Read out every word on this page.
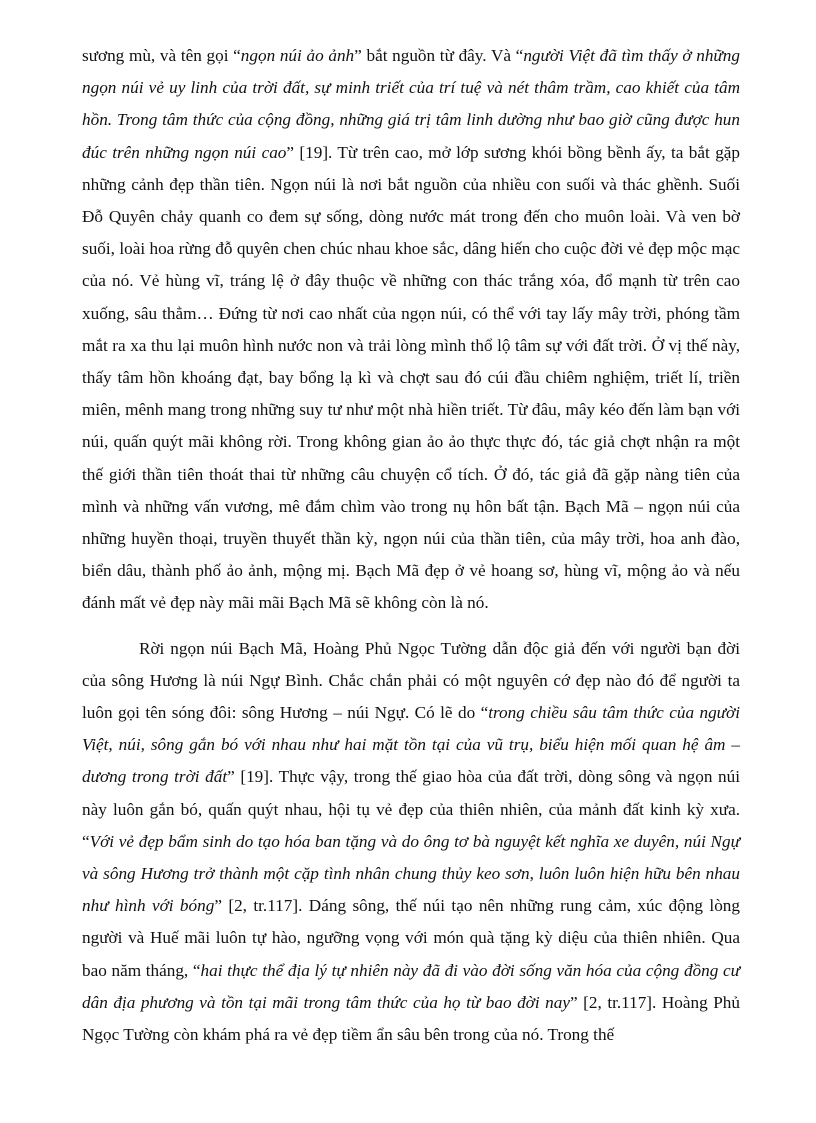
sương mù, và tên gọi “ngọn núi ảo ảnh” bắt nguồn từ đây. Và “người Việt đã tìm thấy ở những ngọn núi vẻ uy linh của trời đất, sự minh triết của trí tuệ và nét thâm trầm, cao khiết của tâm hồn. Trong tâm thức của cộng đồng, những giá trị tâm linh dường như bao giờ cũng được hun đúc trên những ngọn núi cao” [19]. Từ trên cao, mở lớp sương khói bồng bềnh ấy, ta bắt gặp những cảnh đẹp thần tiên. Ngọn núi là nơi bắt nguồn của nhiều con suối và thác ghềnh. Suối Đỗ Quyên chảy quanh co đem sự sống, dòng nước mát trong đến cho muôn loài. Và ven bờ suối, loài hoa rừng đỗ quyên chen chúc nhau khoe sắc, dâng hiến cho cuộc đời vẻ đẹp mộc mạc của nó. Vẻ hùng vĩ, tráng lệ ở đây thuộc về những con thác trắng xóa, đổ mạnh từ trên cao xuống, sâu thẳm… Đứng từ nơi cao nhất của ngọn núi, có thể với tay lấy mây trời, phóng tầm mắt ra xa thu lại muôn hình nước non và trải lòng mình thổ lộ tâm sự với đất trời. Ở vị thế này, thấy tâm hồn khoáng đạt, bay bổng lạ kì và chợt sau đó cúi đầu chiêm nghiệm, triết lí, triền miên, mênh mang trong những suy tư như một nhà hiền triết. Từ đâu, mây kéo đến làm bạn với núi, quấn quýt mãi không rời. Trong không gian ảo ảo thực thực đó, tác giả chợt nhận ra một thế giới thần tiên thoát thai từ những câu chuyện cổ tích. Ở đó, tác giả đã gặp nàng tiên của mình và những vấn vương, mê đắm chìm vào trong nụ hôn bất tận. Bạch Mã – ngọn núi của những huyền thoại, truyền thuyết thần kỳ, ngọn núi của thần tiên, của mây trời, hoa anh đào, biển dâu, thành phố ảo ảnh, mộng mị. Bạch Mã đẹp ở vẻ hoang sơ, hùng vĩ, mộng ảo và nếu đánh mất vẻ đẹp này mãi mãi Bạch Mã sẽ không còn là nó.

Rời ngọn núi Bạch Mã, Hoàng Phủ Ngọc Tường dẫn độc giả đến với người bạn đời của sông Hương là núi Ngự Bình. Chắc chắn phải có một nguyên cớ đẹp nào đó để người ta luôn gọi tên sóng đôi: sông Hương – núi Ngự. Có lẽ do “trong chiều sâu tâm thức của người Việt, núi, sông gắn bó với nhau như hai mặt tồn tại của vũ trụ, biểu hiện mối quan hệ âm – dương trong trời đất” [19]. Thực vậy, trong thế giao hòa của đất trời, dòng sông và ngọn núi này luôn gắn bó, quấn quýt nhau, hội tụ vẻ đẹp của thiên nhiên, của mảnh đất kinh kỳ xưa. “Với vẻ đẹp bẩm sinh do tạo hóa ban tặng và do ông tơ bà nguyệt kết nghĩa xe duyên, núi Ngự và sông Hương trở thành một cặp tình nhân chung thủy keo sơn, luôn luôn hiện hữu bên nhau như hình với bóng” [2, tr.117]. Dáng sông, thế núi tạo nên những rung cảm, xúc động lòng người và Huế mãi luôn tự hào, ngưỡng vọng với món quà tặng kỳ diệu của thiên nhiên. Qua bao năm tháng, “hai thực thể địa lý tự nhiên này đã đi vào đời sống văn hóa của cộng đồng cư dân địa phương và tồn tại mãi trong tâm thức của họ từ bao đời nay” [2, tr.117]. Hoàng Phủ Ngọc Tường còn khám phá ra vẻ đẹp tiềm ẩn sâu bên trong của nó. Trong thế
